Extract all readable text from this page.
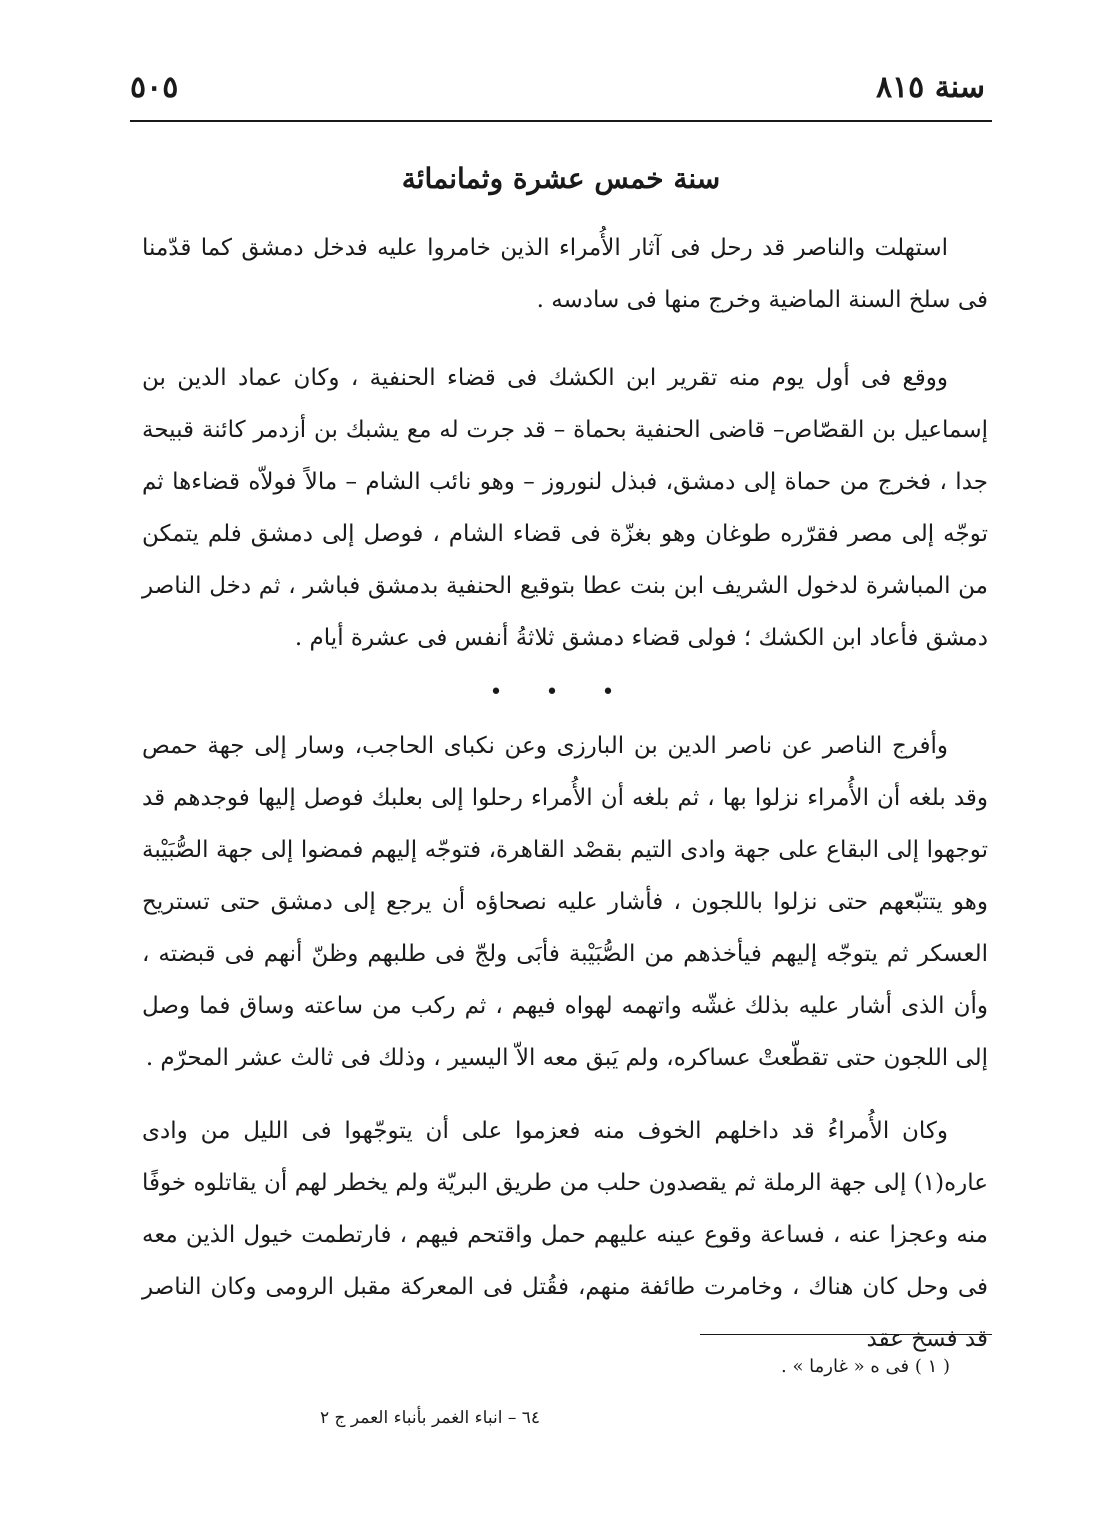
سنة ٨١٥
٥٠٥
سنة خمس عشرة وثمانمائة

استهلت والناصر قد رحل فى آثار الأُمراء الذين خامروا عليه فدخل دمشق كما قدّمنا فى سلخ السنة الماضية وخرج منها فى سادسه .

ووقع فى أول يوم منه تقرير ابن الكشك فى قضاء الحنفية ، وكان عماد الدين بن إسماعيل بن القصّاص– قاضى الحنفية بحماة – قد جرت له مع يشبك بن أزدمر كائنة قبيحة جدا ، فخرج من حماة إلى دمشق، فبذل لنوروز – وهو نائب الشام – مالاً فولاّه قضاءها ثم توجّه إلى مصر فقرّره طوغان وهو بغزّة فى قضاء الشام ، فوصل إلى دمشق فلم يتمكن من المباشرة لدخول الشريف ابن بنت عطا بتوقيع الحنفية بدمشق فباشر ، ثم دخل الناصر دمشق فأعاد ابن الكشك ؛ فولى قضاء دمشق ثلاثةُ أنفس فى عشرة أيام .

• • •

وأفرج الناصر عن ناصر الدين بن البارزى وعن نكباى الحاجب، وسار إلى جهة حمص وقد بلغه أن الأُمراء نزلوا بها ، ثم بلغه أن الأُمراء رحلوا إلى بعلبك فوصل إليها فوجدهم قد توجهوا إلى البقاع على جهة وادى التيم بقصْد القاهرة، فتوجّه إليهم فمضوا إلى جهة الصُّبَيْبة وهو يتتبّعهم حتى نزلوا باللجون ، فأشار عليه نصحاؤه أن يرجع إلى دمشق حتى تستريح العسكر ثم يتوجّه إليهم فيأخذهم من الصُّبَيْبة فأبَى ولجّ فى طلبهم وظنّ أنهم فى قبضته ، وأن الذى أشار عليه بذلك غشّه واتهمه لهواه فيهم ، ثم ركب من ساعته وساق فما وصل إلى اللجون حتى تقطّعتْ عساكره، ولم يَبق معه الاّ اليسير ، وذلك فى ثالث عشر المحرّم .

وكان الأُمراءُ قد داخلهم الخوف منه فعزموا على أن يتوجّهوا فى الليل من وادى عاره(١) إلى جهة الرملة ثم يقصدون حلب من طريق البريّة ولم يخطر لهم أن يقاتلوه خوفًا منه وعجزا عنه ، فساعة وقوع عينه عليهم حمل واقتحم فيهم ، فارتطمت خيول الذين معه فى وحل كان هناك ، وخامرت طائفة منهم، فقُتل فى المعركة مقبل الرومى وكان الناصر قد فسخ عقد

( ١ ) فى ه « غارما » .
٦٤ – انباء الغمر بأنباء العمر ج ٢
